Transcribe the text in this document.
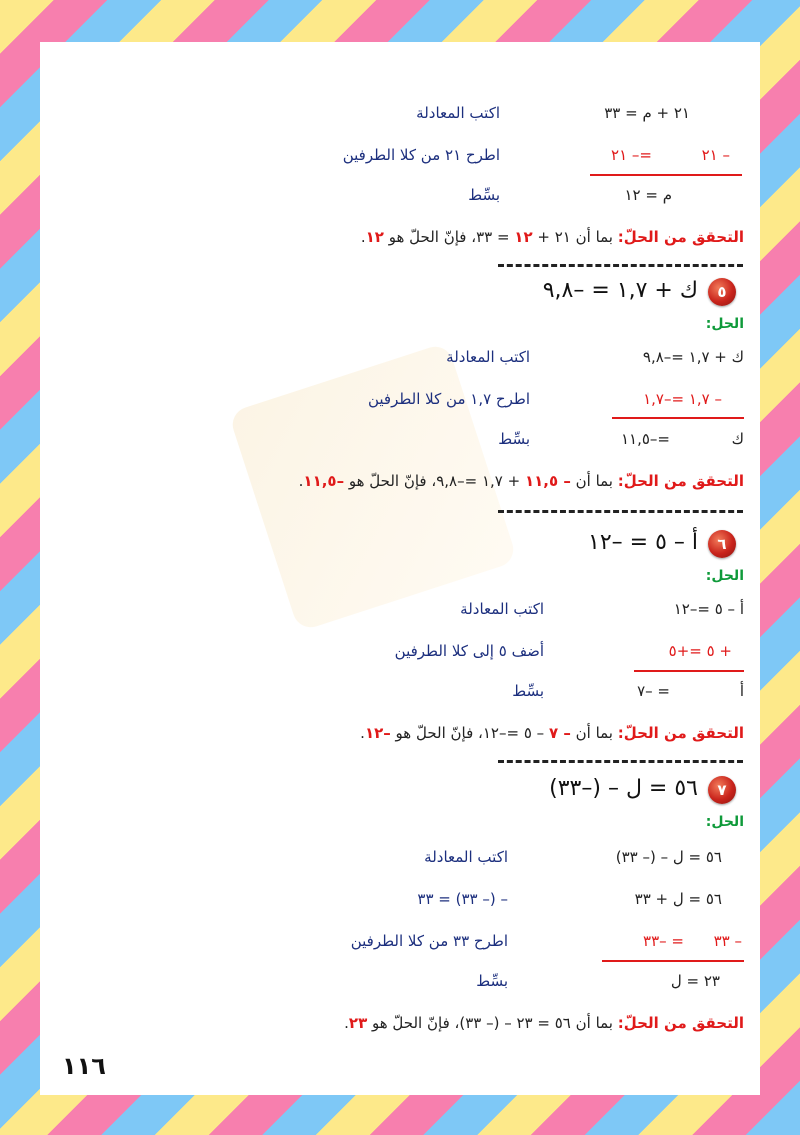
٢١ + م = ٣٣
اكتب المعادلة
– ٢١
=– ٢١
اطرح ٢١ من كلا الطرفين
م = ١٢
بسِّط
التحقق من الحلّ: بما أن ٢١ + ١٢ = ٣٣، فإنّ الحلّ هو ١٢.
٥
ك + ١,٧ = –٩,٨
الحل:
ك + ١,٧ =–٩,٨
اكتب المعادلة
– ١,٧ =–١,٧
اطرح ١,٧ من كلا الطرفين
ك
=–١١,٥
بسِّط
التحقق من الحلّ: بما أن – ١١,٥ + ١,٧ =–٩,٨، فإنّ الحلّ هو –١١,٥.
٦
أ – ٥ = –١٢
الحل:
أ – ٥ =–١٢
اكتب المعادلة
+ ٥ =+٥
أضف ٥ إلى كلا الطرفين
أ
= –٧
بسِّط
التحقق من الحلّ: بما أن – ٧ – ٥ =–١٢، فإنّ الحلّ هو –١٢.
٧
٥٦ = ل – (–٣٣)
الحل:
٥٦ = ل – (– ٣٣)
اكتب المعادلة
٥٦ = ل + ٣٣
– (– ٣٣) = ٣٣
– ٣٣
= –٣٣
اطرح ٣٣ من كلا الطرفين
٢٣ = ل
بسِّط
التحقق من الحلّ: بما أن ٥٦ = ٢٣ – (– ٣٣)، فإنّ الحلّ هو ٢٣.
١١٦
